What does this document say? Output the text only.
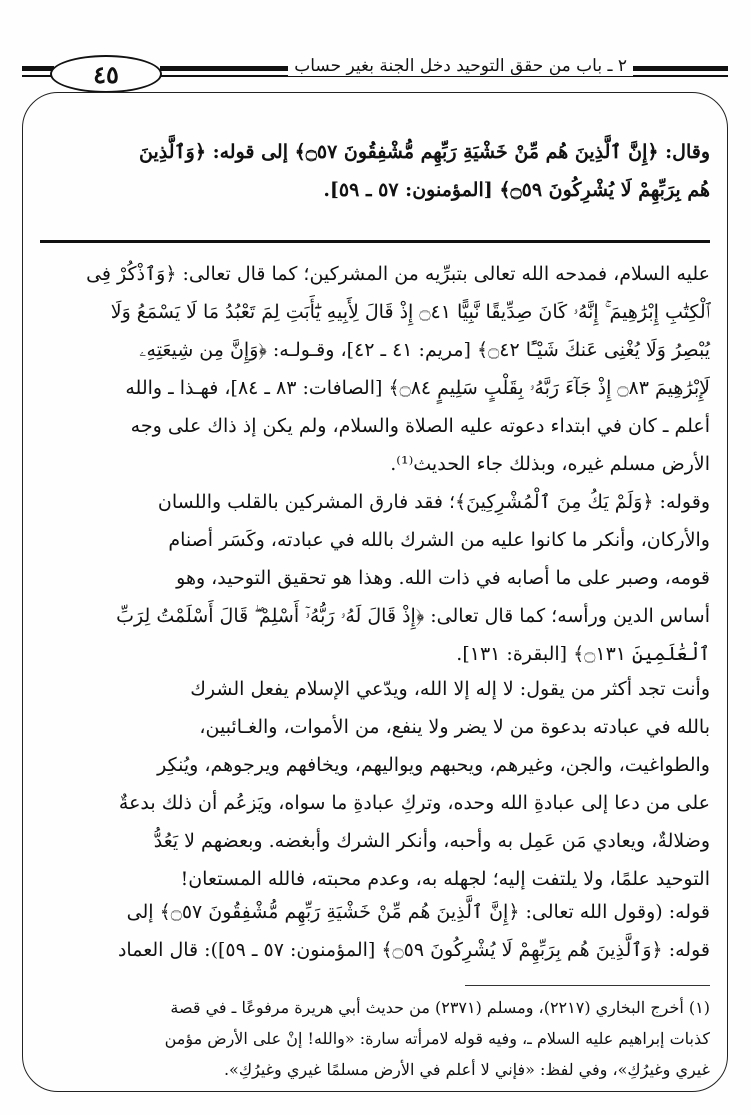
٤٥	٢ ـ باب من حقق التوحيد دخل الجنة بغير حساب

وقال: ﴿إِنَّ ٱلَّذِينَ هُم مِّنْ خَشْيَةِ رَبِّهِم مُّشْفِقُونَ ۝٥٧﴾ إلى قوله: ﴿وَٱلَّذِينَ

هُم بِرَبِّهِمْ لَا يُشْرِكُونَ ۝٥٩﴾ [المؤمنون: ٥٧ ـ ٥٩].

عليه السلام، فمدحه الله تعالى بتبرِّيه من المشركين؛ كما قال تعالى: ﴿وَٱذْكُرْ فِى

ٱلْكِتَٰبِ إِبْرَٰهِيمَ ۚ إِنَّهُۥ كَانَ صِدِّيقًا نَّبِيًّا ۝٤١ إِذْ قَالَ لِأَبِيهِ يَٰٓأَبَتِ لِمَ تَعْبُدُ مَا لَا يَسْمَعُ وَلَا

يُبْصِرُ وَلَا يُغْنِى عَنكَ شَيْـًٔا ۝٤٢﴾ [مريم: ٤١ ـ ٤٢]، وقـولـه: ﴿وَإِنَّ مِن شِيعَتِهِۦ

لَإِبْرَٰهِيمَ ۝٨٣ إِذْ جَآءَ رَبَّهُۥ بِقَلْبٍ سَلِيمٍ ۝٨٤﴾ [الصافات: ٨٣ ـ ٨٤]، فهـذا ـ والله

أعلم ـ كان في ابتداء دعوته عليه الصلاة والسلام، ولم يكن إذ ذاك على وجه

الأرض مسلم غيره، وبذلك جاء الحديث⁽¹⁾.

وقوله: ﴿وَلَمْ يَكُ مِنَ ٱلْمُشْرِكِينَ﴾؛ فقد فارق المشركين بالقلب واللسان

والأركان، وأنكر ما كانوا عليه من الشرك بالله في عبادته، وكَسَر أصنام

قومه، وصبر على ما أصابه في ذات الله. وهذا هو تحقيق التوحيد، وهو

أساس الدين ورأسه؛ كما قال تعالى: ﴿إِذْ قَالَ لَهُۥ رَبُّهُۥٓ أَسْلِمْ ۖ قَالَ أَسْلَمْتُ لِرَبِّ

ٱلْعَٰلَمِينَ ۝١٣١﴾ [البقرة: ١٣١].

وأنت تجد أكثر من يقول: لا إله إلا الله، ويدّعي الإسلام يفعل الشرك

بالله في عبادته بدعوة من لا يضر ولا ينفع، من الأموات، والغـائبين،

والطواغيت، والجن، وغيرهم، ويحبهم ويواليهم، ويخافهم ويرجوهم، ويُنكِر

على من دعا إلى عبادةِ الله وحده، وتركِ عبادةِ ما سواه، ويَزعُم أن ذلك بدعةٌ

وضلالةٌ، ويعادي مَن عَمِل به وأحبه، وأنكر الشرك وأبغضه. وبعضهم لا يَعُدُّ

التوحيد علمًا، ولا يلتفت إليه؛ لجهله به، وعدم محبته، فالله المستعان!

قوله: (وقول الله تعالى: ﴿إِنَّ ٱلَّذِينَ هُم مِّنْ خَشْيَةِ رَبِّهِم مُّشْفِقُونَ ۝٥٧﴾ إلى

قوله: ﴿وَٱلَّذِينَ هُم بِرَبِّهِمْ لَا يُشْرِكُونَ ۝٥٩﴾ [المؤمنون: ٥٧ ـ ٥٩]): قال العماد

(١) أخرج البخاري (٢٢١٧)، ومسلم (٢٣٧١) من حديث أبي هريرة مرفوعًا ـ في قصة

كذبات إبراهيم عليه السلام ـ، وفيه قوله لامرأته سارة: «والله! إنْ على الأرض مؤمن

غيري وغيرُكِ»، وفي لفظ: «فإني لا أعلم في الأرض مسلمًا غيري وغيرُكِ».
